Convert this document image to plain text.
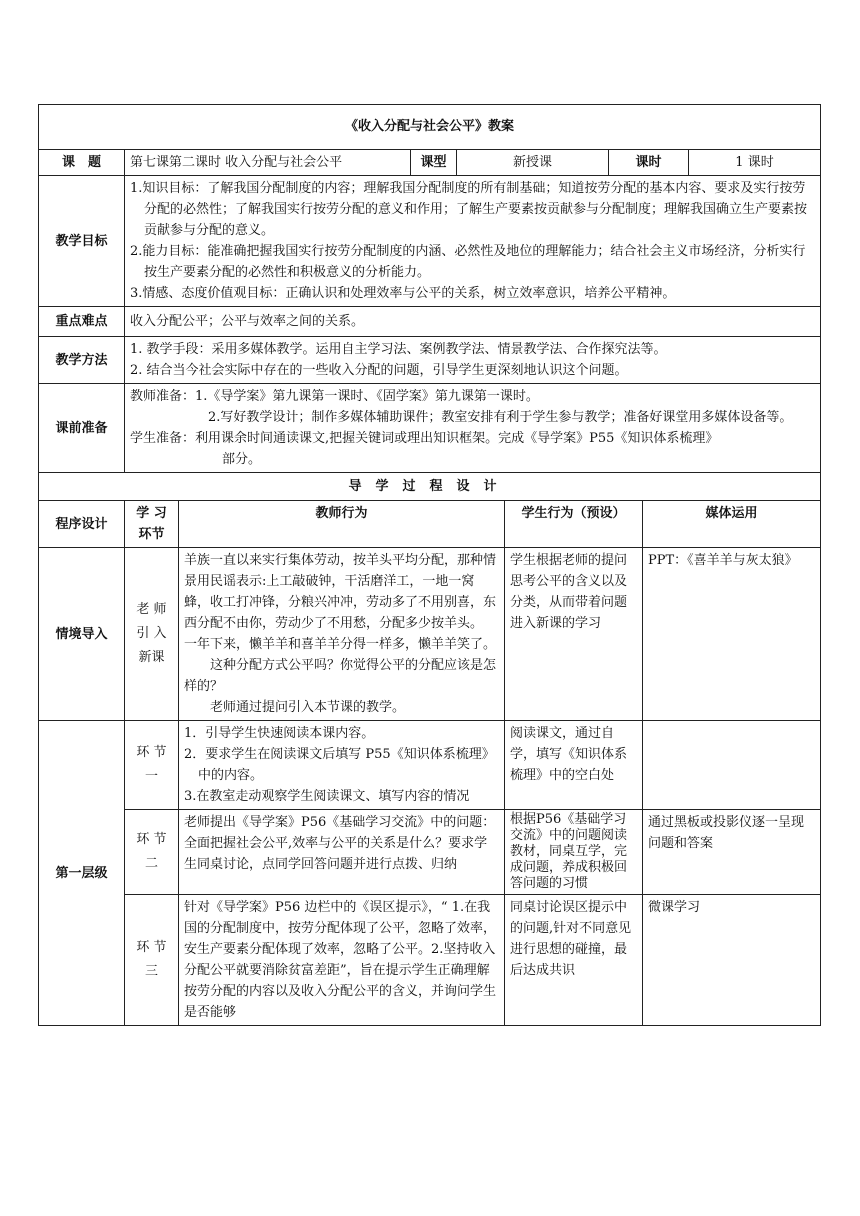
《收入分配与社会公平》教案								
课　题	第七课第二课时 收入分配与社会公平		课型	新授课		课时		1 课时
教学目标	1.知识目标：了解我国分配制度的内容；理解我国分配制度的所有制基础；知道按劳分配的基本内容、要求及实行按劳分配的必然性；了解我国实行按劳分配的意义和作用；了解生产要素按贡献参与分配制度；理解我国确立生产要素按贡献参与分配的意义。

2.能力目标：能准确把握我国实行按劳分配制度的内涵、必然性及地位的理解能力；结合社会主义市场经济，分析实行按生产要素分配的必然性和积极意义的分析能力。

3.情感、态度价值观目标：正确认识和处理效率与公平的关系，树立效率意识，培养公平精神。							

重点难点	收入分配公平；公平与效率之间的关系。							
教学方法	1. 教学手段：采用多媒体教学。运用自主学习法、案例教学法、情景教学法、合作探究法等。

2. 结合当今社会实际中存在的一些收入分配的问题，引导学生更深刻地认识这个问题。							

课前准备	教师准备：1.《导学案》第九课第一课时、《固学案》第九课第一课时。

2.写好教学设计；制作多媒体辅助课件；教室安排有利于学生参与教学；准备好课堂用多媒体设备等。

学生准备：利用课余时间通读课文,把握关键词或理出知识框架。完成《导学案》P55《知识体系梳理》

部分。							

导学过程设计								
程序设计	学 习 环节	教师行为			学生行为（预设）		媒体运用	
情境导入	老 师 引 入 新课	羊族一直以来实行集体劳动，按羊头平均分配，那种情景用民谣表示:上工敲破钟，干活磨洋工，一地一窝蜂，收工打冲锋，分粮兴冲冲，劳动多了不用别喜，东西分配不由你，劳动少了不用愁，分配多少按羊头。 一年下来，懒羊羊和喜羊羊分得一样多，懒羊羊笑了。

这种分配方式公平吗？你觉得公平的分配应该是怎样的？

老师通过提问引入本节课的教学。			学生根据老师的提问思考公平的含义以及分类，从而带着问题进入新课的学习		PPT：《喜羊羊与灰太狼》	
第一层级	环 节 一	1．引导学生快速阅读本课内容。

2．要求学生在阅读课文后填写 P55《知识体系梳理》中的内容。

3.在教室走动观察学生阅读课文、填写内容的情况			阅读课文，通过自学，填写《知识体系梳理》中的空白处			
	环 节 二	老师提出《导学案》P56《基础学习交流》中的问题：全面把握社会公平,效率与公平的关系是什么？要求学生同桌讨论，点同学回答问题并进行点拨、归纳			根据P56《基础学习交流》中的问题阅读教材，同桌互学，完成问题，养成积极回答问题的习惯		通过黑板或投影仪逐一呈现问题和答案	
	环 节 三	针对《导学案》P56 边栏中的《误区提示》，“ 1.在我国的分配制度中，按劳分配体现了公平，忽略了效率，安生产要素分配体现了效率，忽略了公平。2.坚持收入分配公平就要消除贫富差距”，旨在提示学生正确理解按劳分配的内容以及收入分配公平的含义，并询问学生是否能够			同桌讨论误区提示中的问题,针对不同意见进行思想的碰撞，最后达成共识		微课学习	
